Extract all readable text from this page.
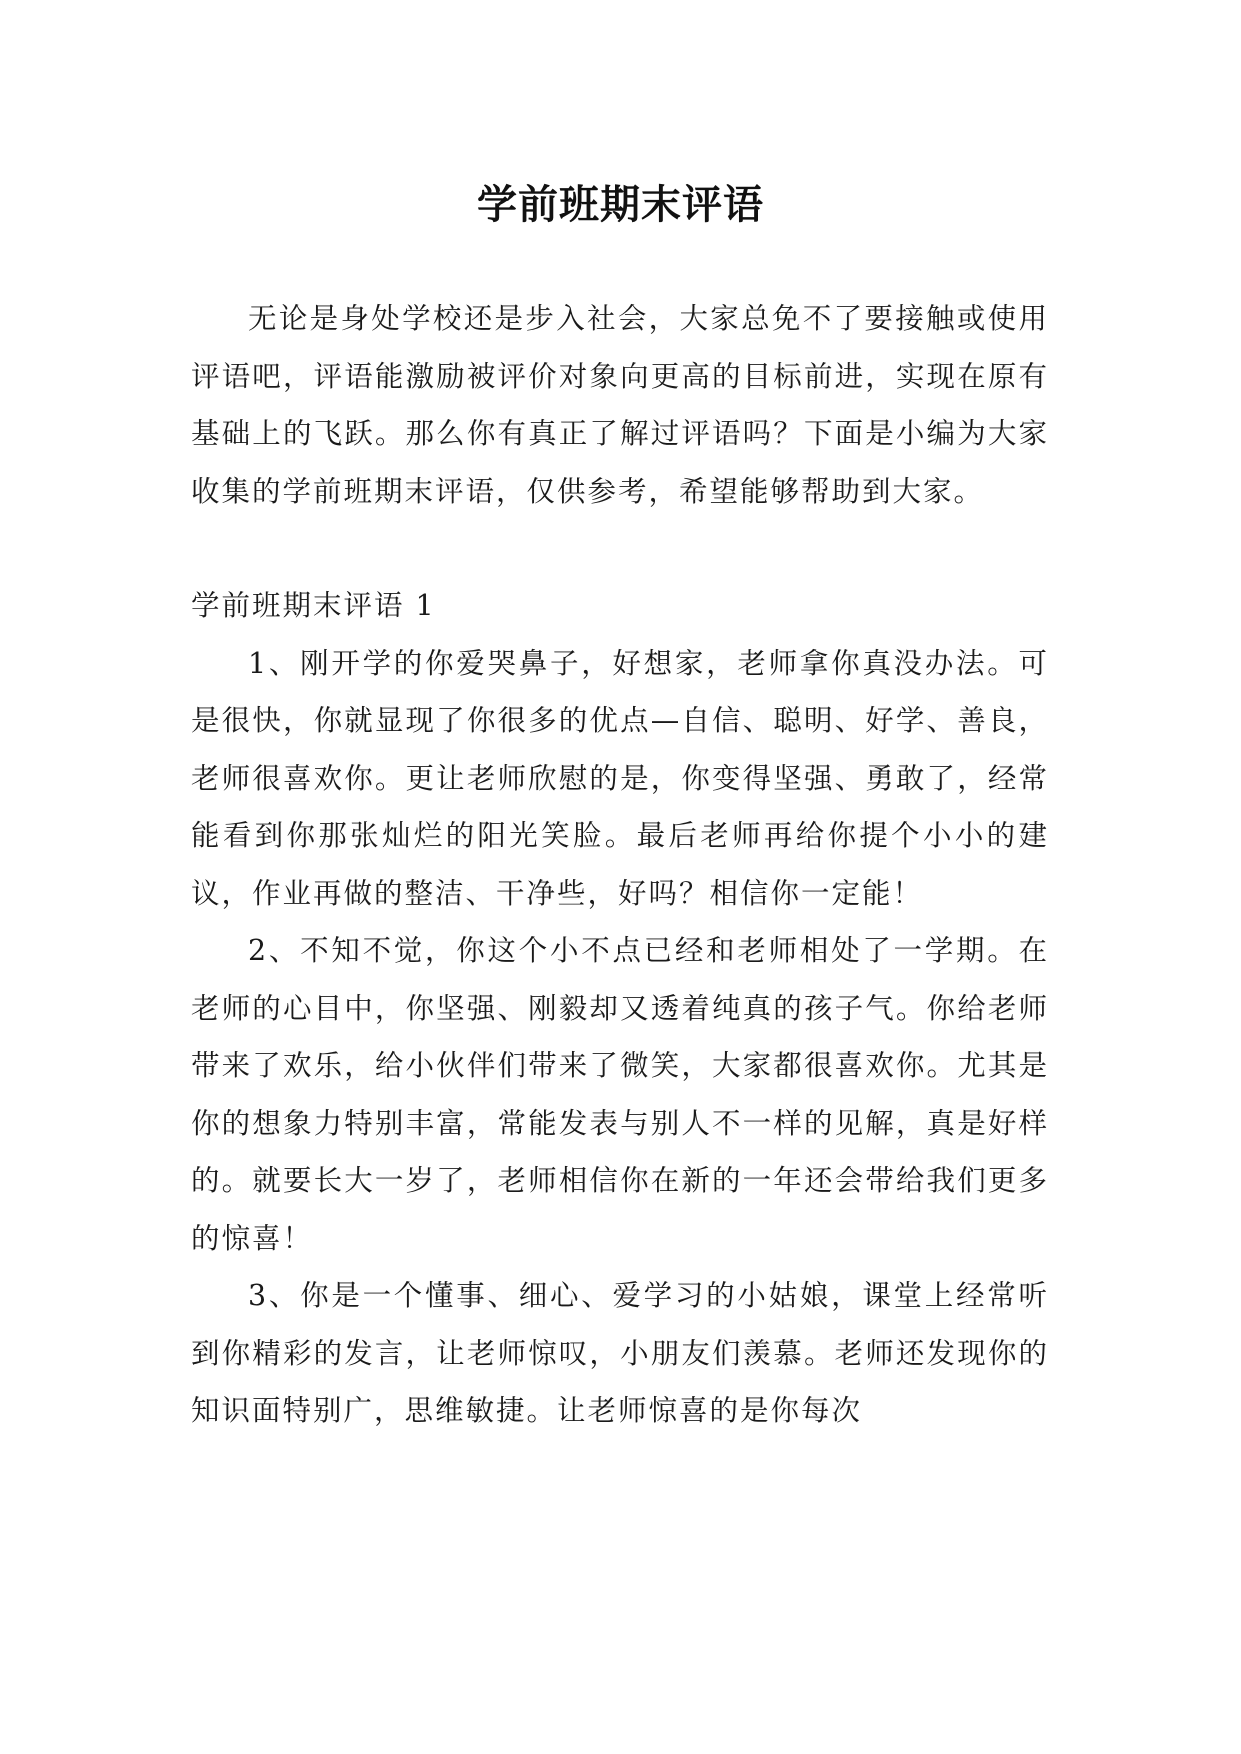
学前班期末评语

无论是身处学校还是步入社会，大家总免不了要接触或使用评语吧，评语能激励被评价对象向更高的目标前进，实现在原有基础上的飞跃。那么你有真正了解过评语吗？下面是小编为大家收集的学前班期末评语，仅供参考，希望能够帮助到大家。

学前班期末评语 1

1、刚开学的你爱哭鼻子，好想家，老师拿你真没办法。可是很快，你就显现了你很多的优点—自信、聪明、好学、善良，老师很喜欢你。更让老师欣慰的是，你变得坚强、勇敢了，经常能看到你那张灿烂的阳光笑脸。最后老师再给你提个小小的建议，作业再做的整洁、干净些，好吗？相信你一定能！

2、不知不觉，你这个小不点已经和老师相处了一学期。在老师的心目中，你坚强、刚毅却又透着纯真的孩子气。你给老师带来了欢乐，给小伙伴们带来了微笑，大家都很喜欢你。尤其是你的想象力特别丰富，常能发表与别人不一样的见解，真是好样的。就要长大一岁了，老师相信你在新的一年还会带给我们更多的惊喜！

3、你是一个懂事、细心、爱学习的小姑娘，课堂上经常听到你精彩的发言，让老师惊叹，小朋友们羡慕。老师还发现你的知识面特别广，思维敏捷。让老师惊喜的是你每次
